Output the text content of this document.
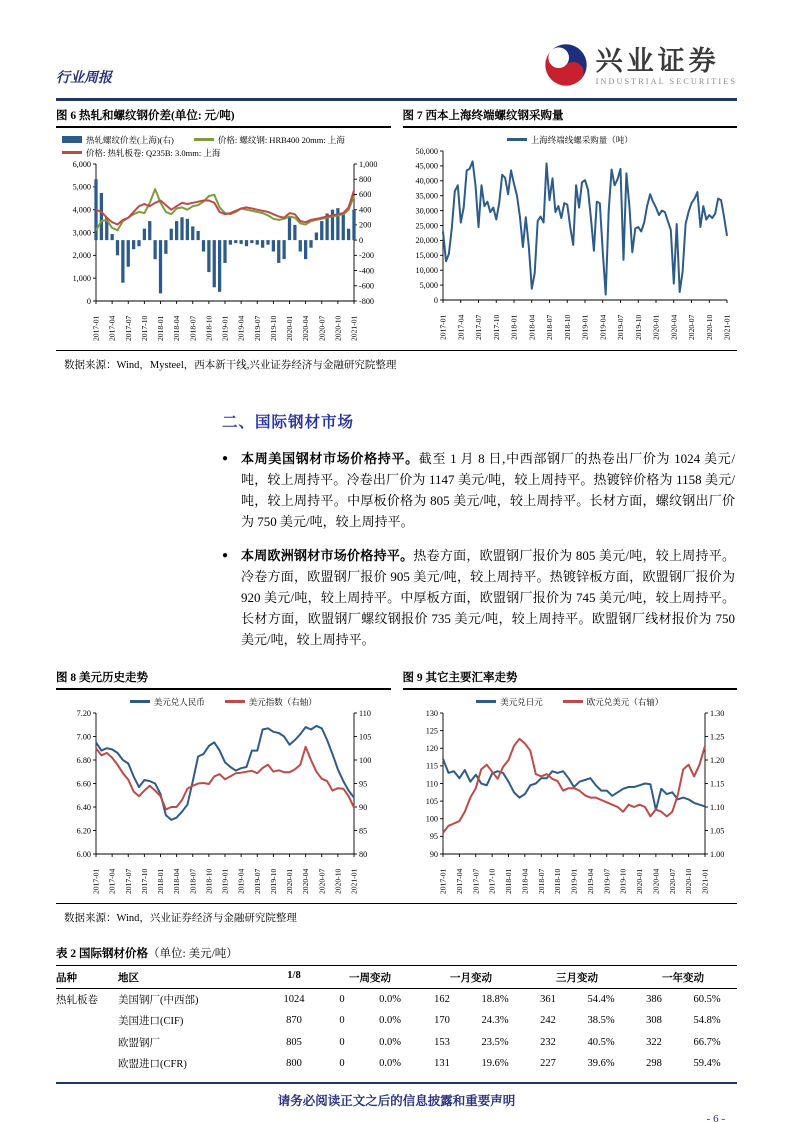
行业周报
兴业证券
INDUSTRIAL SECURITIES
图 6 热轧和螺纹钢价差(单位: 元/吨)
热轧螺纹价差(上海)(右)	价格: 螺纹钢: HRB400 20mm: 上海
价格: 热轧板卷: Q235B: 3.0mm: 上海
6,000
5,000
4,000
3,000
2,000
1,000
0
1,000
800
600
400
200
0
-200
-400
-600
-800
2017-01 2017-04 2017-07 2017-10 2018-01 2018-04 2018-07 2018-10 2019-01 2019-04 2019-07 2019-10 2020-01 2020-04 2020-07 2020-10 2021-01
图 7 西本上海终端螺纹钢采购量
上海终端线螺采购量（吨）
50,000
45,000
40,000
35,000
30,000
25,000
20,000
15,000
10,000
5,000
0
2017-01 2017-04 2017-07 2017-10 2018-01 2018-04 2018-07 2018-10 2019-01 2019-04 2019-07 2019-10 2020-01 2020-04 2020-07 2020-10 2021-01
数据来源：Wind，Mysteel，西本新干线,兴业证券经济与金融研究院整理
二、国际钢材市场
● 本周美国钢材市场价格持平。截至 1 月 8 日,中西部钢厂的热卷出厂价为 1024 美元/吨，较上周持平。冷卷出厂价为 1147 美元/吨，较上周持平。热镀锌价格为 1158 美元/吨，较上周持平。中厚板价格为 805 美元/吨，较上周持平。长材方面，螺纹钢出厂价为 750 美元/吨，较上周持平。

● 本周欧洲钢材市场价格持平。热卷方面，欧盟钢厂报价为 805 美元/吨，较上周持平。冷卷方面，欧盟钢厂报价 905 美元/吨，较上周持平。热镀锌板方面，欧盟钢厂报价为 920 美元/吨，较上周持平。中厚板方面，欧盟钢厂报价为 745 美元/吨，较上周持平。长材方面，欧盟钢厂螺纹钢报价 735 美元/吨，较上周持平。欧盟钢厂线材报价为 750 美元/吨，较上周持平。

图 8 美元历史走势
美元兑人民币	美元指数（右轴）
7.20
7.00
6.80
6.60
6.40
6.20
6.00
110
105
100
95
90
85
80
2017-01 2017-04 2017-07 2017-10 2018-01 2018-04 2018-07 2018-10 2019-01 2019-04 2019-07 2019-10 2020-01 2020-04 2020-07 2020-10 2021-01
图 9 其它主要汇率走势
美元兑日元	欧元兑美元（右轴）
130
125
120
115
110
105
100
95
90
1.30
1.25
1.20
1.15
1.10
1.05
1.00
2017-01 2017-04 2017-07 2017-10 2018-01 2018-04 2018-07 2018-10 2019-01 2019-04 2019-07 2019-10 2020-01 2020-04 2020-07 2020-10 2021-01
数据来源：Wind，兴业证券经济与金融研究院整理
表 2 国际钢材价格（单位: 美元/吨）
品种	地区	1/8	一周变动	一月变动	三月变动	一年变动
热轧板卷	美国钢厂(中西部)	1024	0	0.0%	162	18.8%	361	54.4%	386	60.5%
美国进口(CIF)	870	0	0.0%	170	24.3%	242	38.5%	308	54.8%
欧盟钢厂	805	0	0.0%	153	23.5%	232	40.5%	322	66.7%
欧盟进口(CFR)	800	0	0.0%	131	19.6%	227	39.6%	298	59.4%
请务必阅读正文之后的信息披露和重要声明
- 6 -
